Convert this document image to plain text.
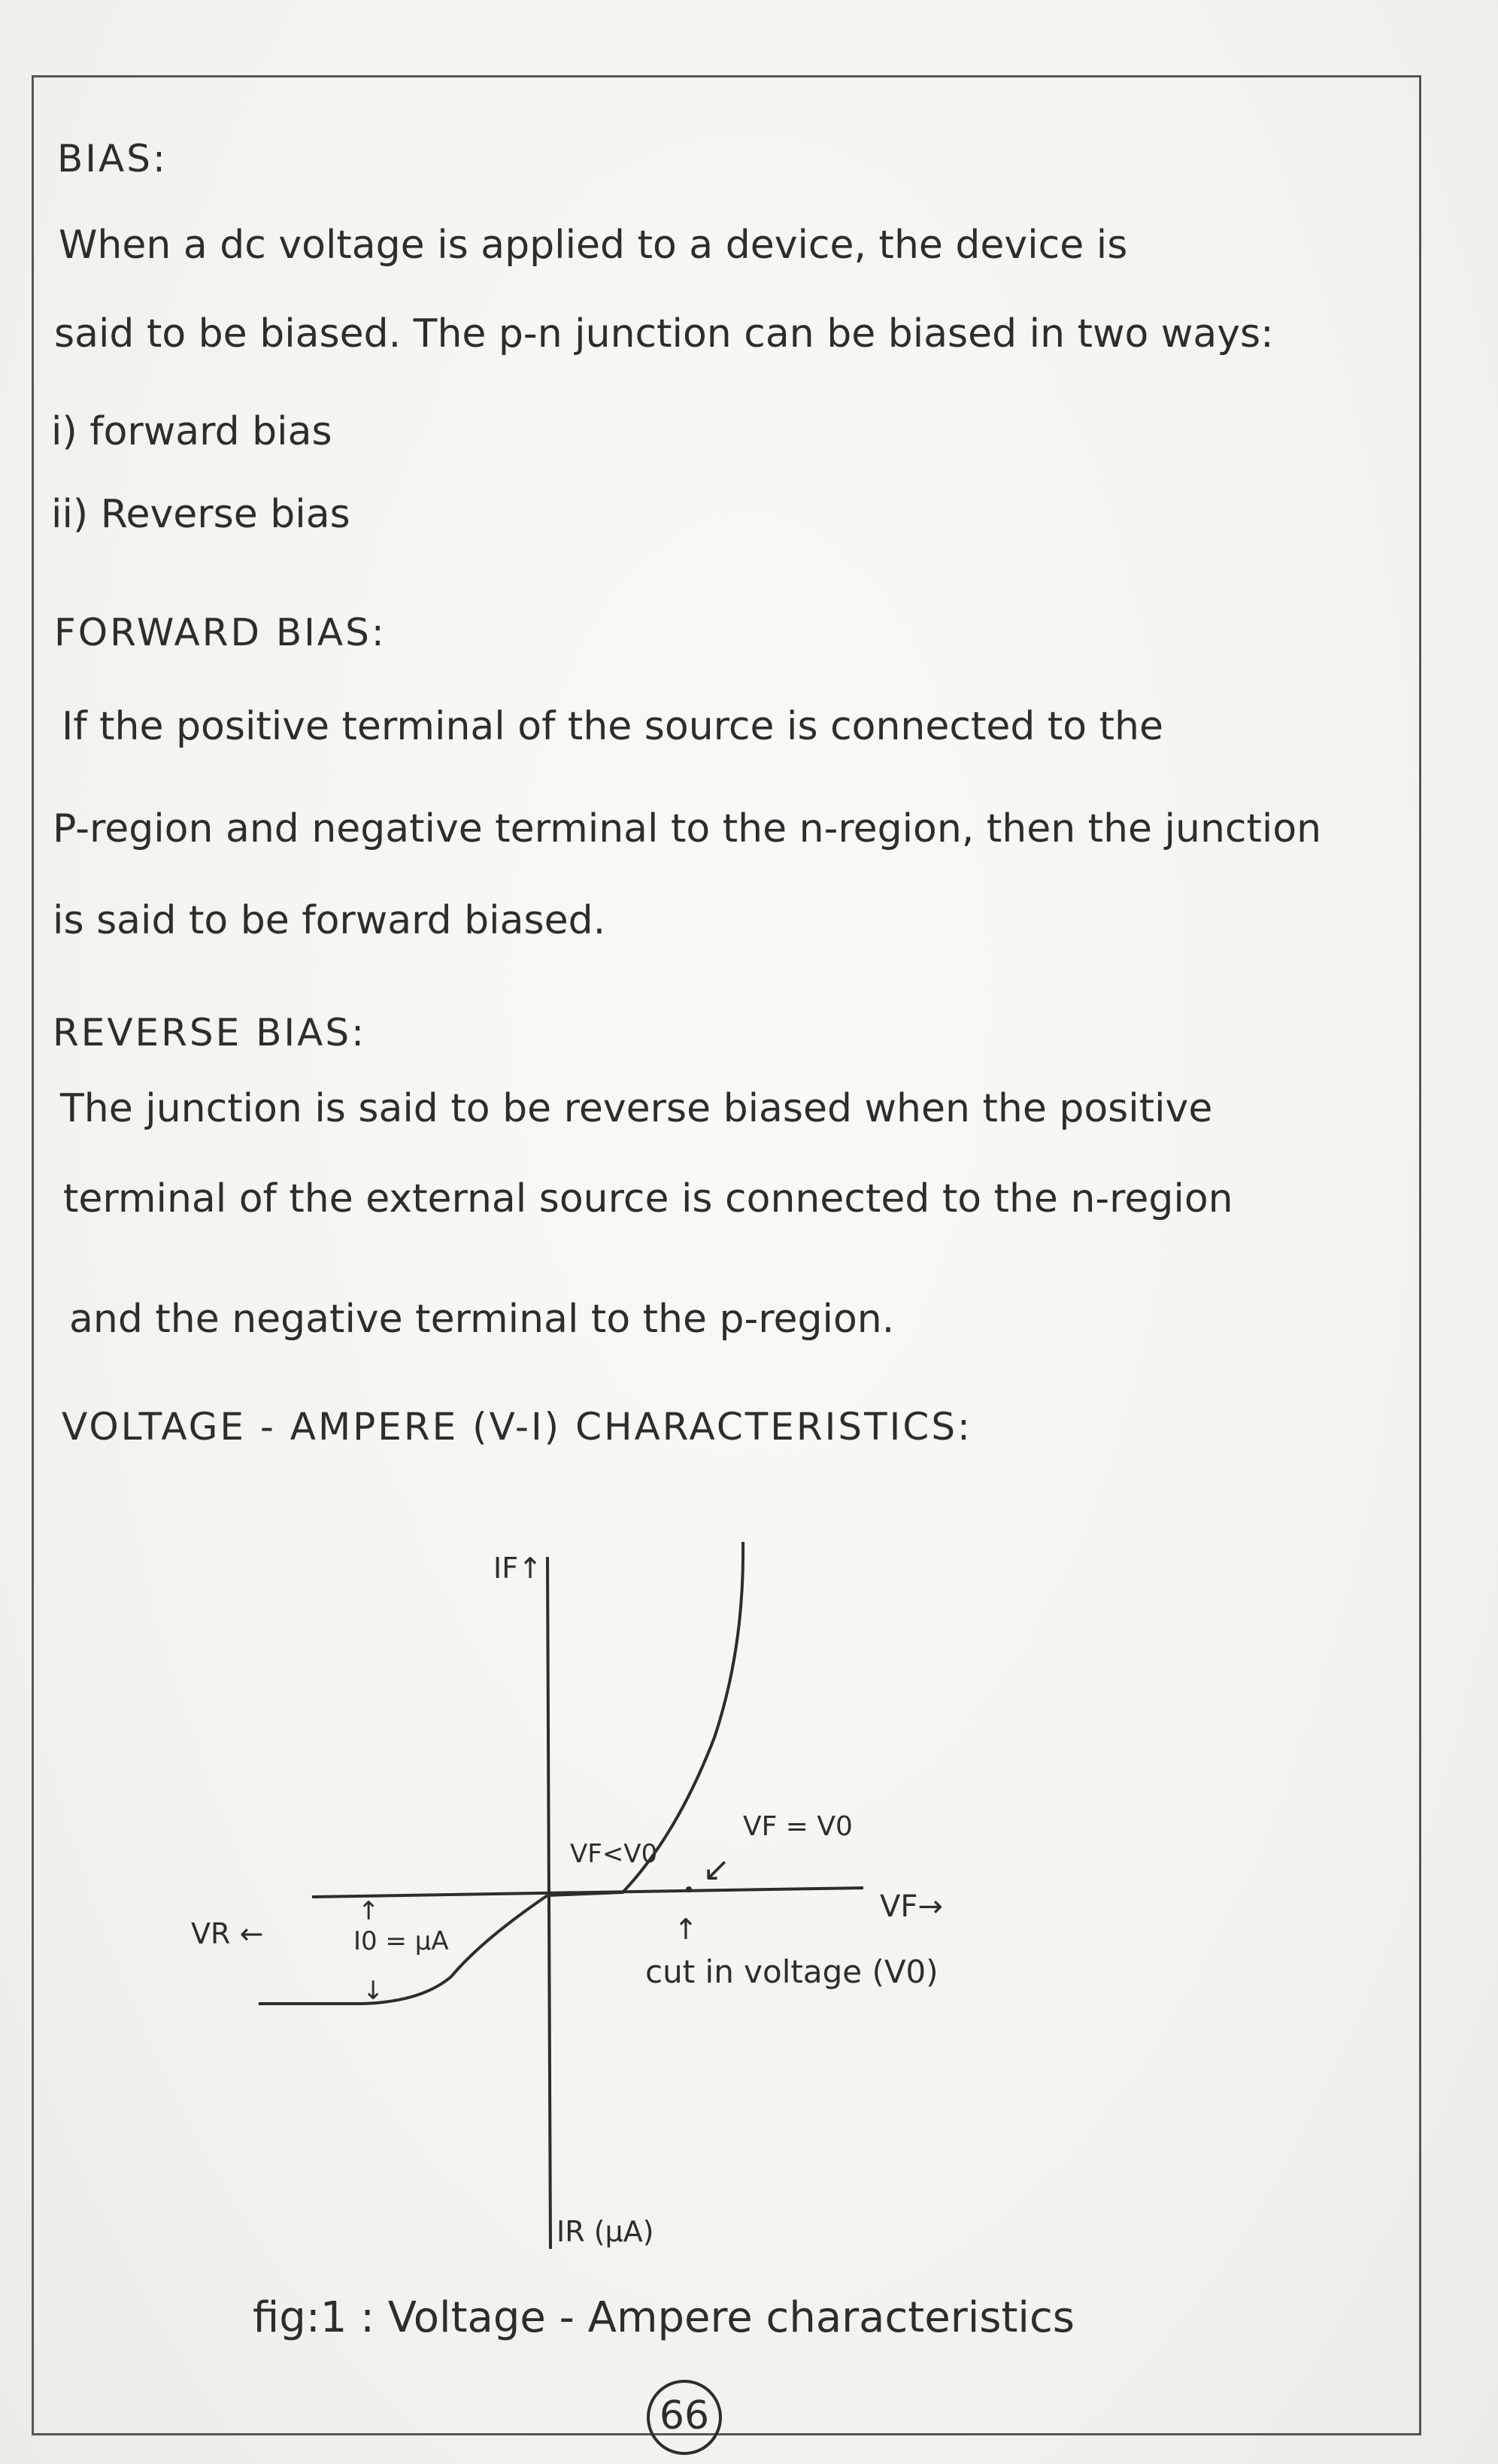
BIAS:
When a dc voltage is applied to a device, the device is
said to be biased. The p-n junction can be biased in two ways:
i) forward bias
ii) Reverse bias
FORWARD BIAS:
If the positive terminal of the source is connected to the
P-region and negative terminal to the n-region, then the junction
is said to be forward biased.
REVERSE BIAS:
The junction is said to be reverse biased when the positive
terminal of the external source is connected to the n-region
and the negative terminal to the p-region.
VOLTAGE - AMPERE (V-I) CHARACTERISTICS:
IF↑
IR (μA)
VF→
VR ←
VF<V0
VF = V0
↙
↑
I0 = μA
↓
↑
cut in voltage (V0)
fig:1 : Voltage - Ampere characteristics
66
